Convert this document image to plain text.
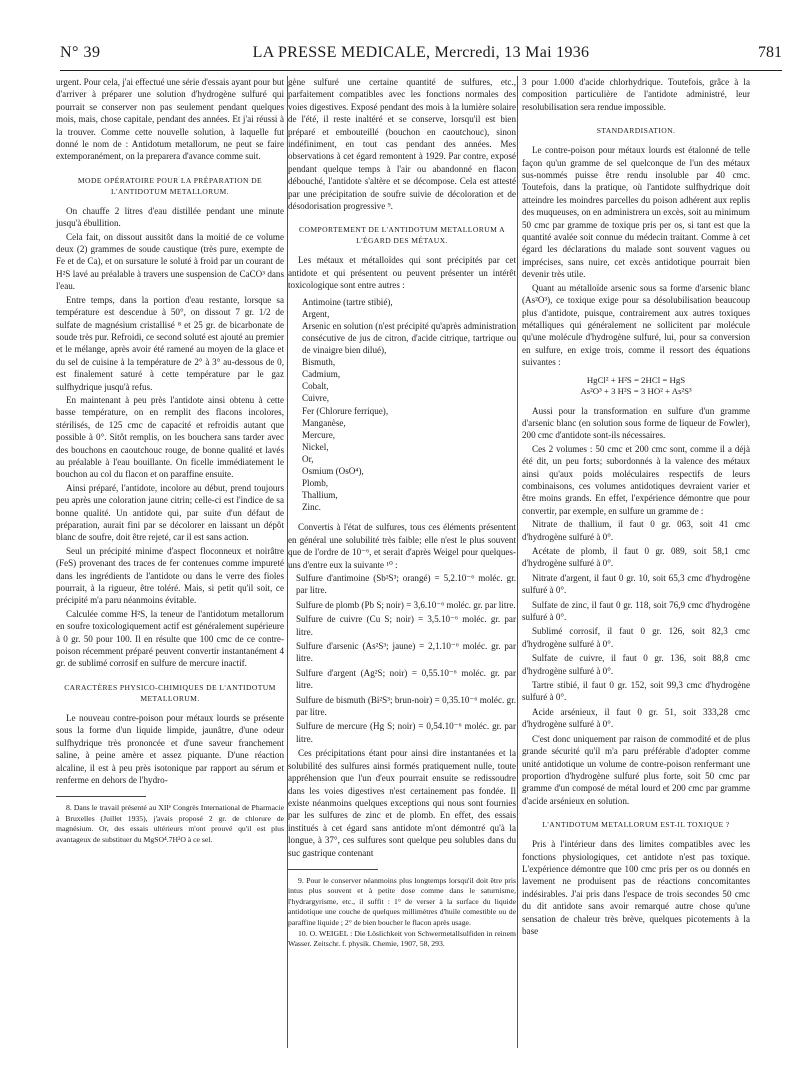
N° 39	LA PRESSE MEDICALE, Mercredi, 13 Mai 1936	781

urgent. Pour cela, j'ai effectué une série d'essais ayant pour but d'arriver à préparer une solution d'hydrogène sulfuré qui pourrait se conserver non pas seulement pendant quelques mois, mais, chose capitale, pendant des années. Et j'ai réussi à la trouver. Comme cette nouvelle solution, à laquelle fut donné le nom de : Antidotum metallorum, ne peut se faire extemporanément, on la preparera d'avance comme suit.

MODE OPÉRATOIRE POUR LA PRÉPARATION DE L'ANTIDOTUM METALLORUM.

On chauffe 2 litres d'eau distillée pendant une minute jusqu'à ébullition.

Cela fait, on dissout aussitôt dans la moitié de ce volume deux (2) grammes de soude caustique (très pure, exempte de Fe et de Ca), et on sursature le soluté à froid par un courant de H²S lavé au préalable à travers une suspension de CaCO³ dans l'eau.

Entre temps, dans la portion d'eau restante, lorsque sa température est descendue à 50°, on dissout 7 gr. 1/2 de sulfate de magnésium cristallisé ⁸ et 25 gr. de bicarbonate de soude très pur. Refroidi, ce second soluté est ajouté au premier et le mélange, après avoir été ramené au moyen de la glace et du sel de cuisine à la température de 2° à 3° au-dessous de 0, est finalement saturé à cette température par le gaz sulfhydrique jusqu'à refus.

En maintenant à peu près l'antidote ainsi obtenu à cette basse température, on en remplit des flacons incolores, stérilisés, de 125 cmc de capacité et refroidis autant que possible à 0°. Sitôt remplis, on les bouchera sans tarder avec des bouchons en caoutchouc rouge, de bonne qualité et lavés au préalable à l'eau bouillante. On ficelle immédiatement le bouchon au col du flacon et on paraffine ensuite.

Ainsi préparé, l'antidote, incolore au début, prend toujours peu après une coloration jaune citrin; celle-ci est l'indice de sa bonne qualité. Un antidote qui, par suite d'un défaut de préparation, aurait fini par se décolorer en laissant un dépôt blanc de soufre, doit être rejeté, car il est sans action.

Seul un précipité minime d'aspect floconneux et noirâtre (FeS) provenant des traces de fer contenues comme impureté dans les ingrédients de l'antidote ou dans le verre des fioles pourrait, à la rigueur, être toléré. Mais, si petit qu'il soit, ce précipité m'a paru néanmoins évitable.

Calculée comme H²S, la teneur de l'antidotum metallorum en soufre toxicologiquement actif est généralement supérieure à 0 gr. 50 pour 100. Il en résulte que 100 cmc de ce contre-poison récemment préparé peuvent convertir instantanément 4 gr. de sublimé corrosif en sulfure de mercure inactif.

CARACTÈRES PHYSICO-CHIMIQUES DE L'ANTIDOTUM METALLORUM.

Le nouveau contre-poison pour métaux lourds se présente sous la forme d'un liquide limpide, jaunâtre, d'une odeur sulfhydrique très prononcée et d'une saveur franchement saline, à peine amère et assez piquante. D'une réaction alcaline, il est à peu près isotonique par rapport au sérum et renferme en dehors de l'hydro-

8. Dans le travail présenté au XIIᵉ Congrès International de Pharmacie à Bruxelles (Juillet 1935), j'avais proposé 2 gr. de chlorure de magnésium. Or, des essais ultérieurs m'ont prouvé qu'il est plus avantageux de substituer du MgSO⁴.7H²O à ce sel.

gène sulfuré une certaine quantité de sulfures, etc., parfaitement compatibles avec les fonctions normales des voies digestives. Exposé pendant des mois à la lumière solaire de l'été, il reste inaltéré et se conserve, lorsqu'il est bien préparé et embouteillé (bouchon en caoutchouc), sinon indéfiniment, en tout cas pendant des années. Mes observations à cet égard remontent à 1929. Par contre, exposé pendant quelque temps à l'air ou abandonné en flacon débouché, l'antidote s'altère et se décompose. Cela est attesté par une précipitation de soufre suivie de décoloration et de désodorisation progressive ⁹.

COMPORTEMENT DE L'ANTIDOTUM METALLORUM A L'ÉGARD DES MÉTAUX.

Les métaux et métalloïdes qui sont précipités par cet antidote et qui présentent ou peuvent présenter un intérêt toxicologique sont entre autres :

Antimoine (tartre stibié),
Argent,
Arsenic en solution (n'est précipité qu'après administration consécutive de jus de citron, d'acide citrique, tartrique ou de vinaigre bien dilué),
Bismuth,
Cadmium,
Cobalt,
Cuivre,
Fer (Chlorure ferrique),
Manganèse,
Mercure,
Nickel,
Or,
Osmium (OsO⁴),
Plomb,
Thallium,
Zinc.

Convertis à l'état de sulfures, tous ces éléments présentent en général une solubilité très faible; elle n'est le plus souvent que de l'ordre de 10⁻⁶, et serait d'après Weigel pour quelques-uns d'entre eux la suivante ¹⁰ :

Sulfure d'antimoine (Sb²S³; orangé) = 5,2.10⁻⁶ moléc. gr. par litre.

Sulfure de plomb (Pb S; noir) = 3,6.10⁻⁶ moléc. gr. par litre.

Sulfure de cuivre (Cu S; noir) = 3,5.10⁻⁶ moléc. gr. par litre.

Sulfure d'arsenic (As²S³; jaune) = 2,1.10⁻⁶ moléc. gr. par litre.

Sulfure d'argent (Ag²S; noir) = 0,55.10⁻⁶ moléc. gr. par litre.

Sulfure de bismuth (Bi²S³; brun-noir) = 0,35.10⁻⁶ moléc. gr. par litre.

Sulfure de mercure (Hg S; noir) = 0,54.10⁻⁶ moléc. gr. par litre.

Ces précipitations étant pour ainsi dire instantanées et la solubilité des sulfures ainsi formés pratiquement nulle, toute appréhension que l'un d'eux pourrait ensuite se redissoudre dans les voies digestives n'est certainement pas fondée. Il existe néanmoins quelques exceptions qui nous sont fournies par les sulfures de zinc et de plomb. En effet, des essais institués à cet égard sans antidote m'ont démontré qu'à la longue, à 37°, ces sulfures sont quelque peu solubles dans du suc gastrique contenant

9. Pour le conserver néanmoins plus longtemps lorsqu'il doit être pris intus plus souvent et à petite dose comme dans le saturnisme, l'hydrargyrisme, etc., il suffit : 1° de verser à la surface du liquide antidotique une couche de quelques millimètres d'huile comestible ou de paraffine liquide ; 2° de bien boucher le flacon après usage.

10. O. WEIGEL : Die Löslichkeit von Schwermetallsulfiden in reinem Wasser. Zeitschr. f. physik. Chemie, 1907, 58, 293.

3 pour 1.000 d'acide chlorhydrique. Toutefois, grâce à la composition particulière de l'antidote administré, leur resolubilisation sera rendue impossible.

STANDARDISATION.

Le contre-poison pour métaux lourds est étalonné de telle façon qu'un gramme de sel quelconque de l'un des métaux sus-nommés puisse être rendu insoluble par 40 cmc. Toutefois, dans la pratique, où l'antidote sulfhydrique doit atteindre les moindres parcelles du poison adhérent aux replis des muqueuses, on en administrera un excès, soit au minimum 50 cmc par gramme de toxique pris per os, si tant est que la quantité avalée soit connue du médecin traitant. Comme à cet égard les déclarations du malade sont souvent vagues ou imprécises, sans nuire, cet excès antidotique pourrait bien devenir très utile.

Quant au métalloïde arsenic sous sa forme d'arsenic blanc (As²O³), ce toxique exige pour sa désolubilisation beaucoup plus d'antidote, puisque, contrairement aux autres toxiques métalliques qui généralement ne sollicitent par molécule qu'une molécule d'hydrogène sulfuré, lui, pour sa conversion en sulfure, en exige trois, comme il ressort des équations suivantes :

HgCl² + H²S = 2HCl = HgS
As²O³ + 3 H²S = 3 HO² + As²S³

Aussi pour la transformation en sulfure d'un gramme d'arsenic blanc (en solution sous forme de liqueur de Fowler), 200 cmc d'antidote sont-ils nécessaires.

Ces 2 volumes : 50 cmc et 200 cmc sont, comme il a déjà été dit, un peu forts; subordonnés à la valence des métaux ainsi qu'aux poids moléculaires respectifs de leurs combinaisons, ces volumes antidotiques devraient varier et être moins grands. En effet, l'expérience démontre que pour convertir, par exemple, en sulfure un gramme de :

Nitrate de thallium, il faut 0 gr. 063, soit 41 cmc d'hydrogène sulfuré à 0°.

Acétate de plomb, il faut 0 gr. 089, soit 58,1 cmc d'hydrogène sulfuré à 0°.

Nitrate d'argent, il faut 0 gr. 10, soit 65,3 cmc d'hydrogène sulfuré à 0°.

Sulfate de zinc, il faut 0 gr. 118, soit 76,9 cmc d'hydrogène sulfuré à 0°.

Sublimé corrosif, il faut 0 gr. 126, soit 82,3 cmc d'hydrogène sulfuré à 0°.

Sulfate de cuivre, il faut 0 gr. 136, soit 88,8 cmc d'hydrogène sulfuré à 0°.

Tartre stibié, il faut 0 gr. 152, soit 99,3 cmc d'hydrogène sulfuré à 0°.

Acide arsénieux, il faut 0 gr. 51, soit 333,28 cmc d'hydrogène sulfuré à 0°.

C'est donc uniquement par raison de commodité et de plus grande sécurité qu'il m'a paru préférable d'adopter comme unité antidotique un volume de contre-poison renfermant une proportion d'hydrogène sulfuré plus forte, soit 50 cmc par gramme d'un composé de métal lourd et 200 cmc par gramme d'acide arsénieux en solution.

L'ANTIDOTUM METALLORUM EST-IL TOXIQUE ?

Pris à l'intérieur dans des limites compatibles avec les fonctions physiologiques, cet antidote n'est pas toxique. L'expérience démontre que 100 cmc pris per os ou donnés en lavement ne produisent pas de réactions concomitantes indésirables. J'ai pris dans l'espace de trois secondes 50 cmc du dit antidote sans avoir remarqué autre chose qu'une sensation de chaleur très brève, quelques picotements à la base
